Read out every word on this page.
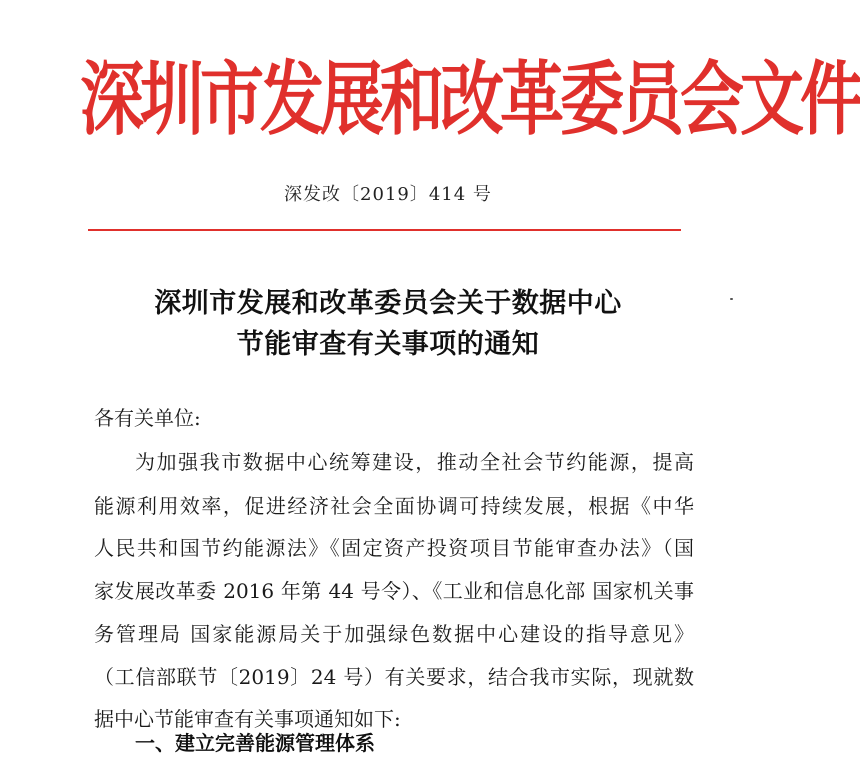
深圳市发展和改革委员会文件
深发改〔2019〕414 号
深圳市发展和改革委员会关于数据中心
节能审查有关事项的通知
各有关单位:
为加强我市数据中心统筹建设，推动全社会节约能源，提高
能源利用效率，促进经济社会全面协调可持续发展，根据《中华
人民共和国节约能源法》《固定资产投资项目节能审查办法》（国
家发展改革委 2016 年第 44 号令）、《工业和信息化部 国家机关事
务管理局 国家能源局关于加强绿色数据中心建设的指导意见》
（工信部联节〔2019〕24 号）有关要求，结合我市实际，现就数
据中心节能审查有关事项通知如下:
一、建立完善能源管理体系
